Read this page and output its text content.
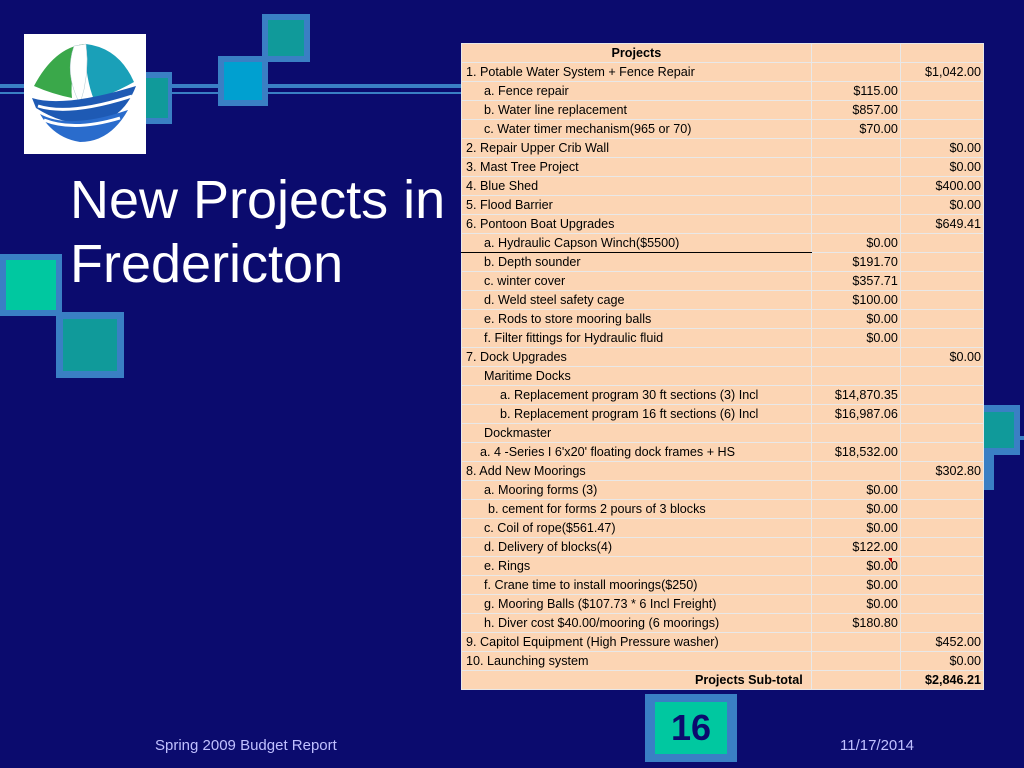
New Projects in
Fredericton
Projects		
1. Potable Water System + Fence Repair		$1,042.00
a. Fence repair	$115.00	
b. Water line replacement	$857.00	
c. Water timer mechanism(965 or 70)	$70.00	
2. Repair Upper Crib Wall		$0.00
3. Mast Tree Project		$0.00
4. Blue Shed		$400.00
5. Flood Barrier		$0.00
6. Pontoon Boat Upgrades		$649.41
a. Hydraulic Capson Winch($5500)	$0.00	
b. Depth sounder	$191.70	
c. winter cover	$357.71	
d. Weld steel safety cage	$100.00	
e. Rods to store mooring balls	$0.00	
f. Filter fittings for Hydraulic fluid	$0.00	
7. Dock Upgrades		$0.00
Maritime Docks		
a. Replacement program 30 ft sections (3) Incl	$14,870.35	
b. Replacement program 16 ft sections (6) Incl	$16,987.06	
Dockmaster		
a. 4 -Series I 6'x20' floating dock frames + HS	$18,532.00	
8. Add New Moorings		$302.80
a. Mooring forms (3)	$0.00	
b. cement for forms 2 pours of 3 blocks	$0.00	
c. Coil of rope($561.47)	$0.00	
d. Delivery of blocks(4)	$122.00	
e. Rings	$0.00	
f. Crane time to install moorings($250)	$0.00	
g. Mooring Balls ($107.73 * 6 Incl Freight)	$0.00	
h. Diver cost $40.00/mooring (6 moorings)	$180.80	
9. Capitol Equipment (High Pressure washer)		$452.00
10. Launching system		$0.00
Projects Sub-total		$2,846.21
16
Spring 2009 Budget Report	11/17/2014
